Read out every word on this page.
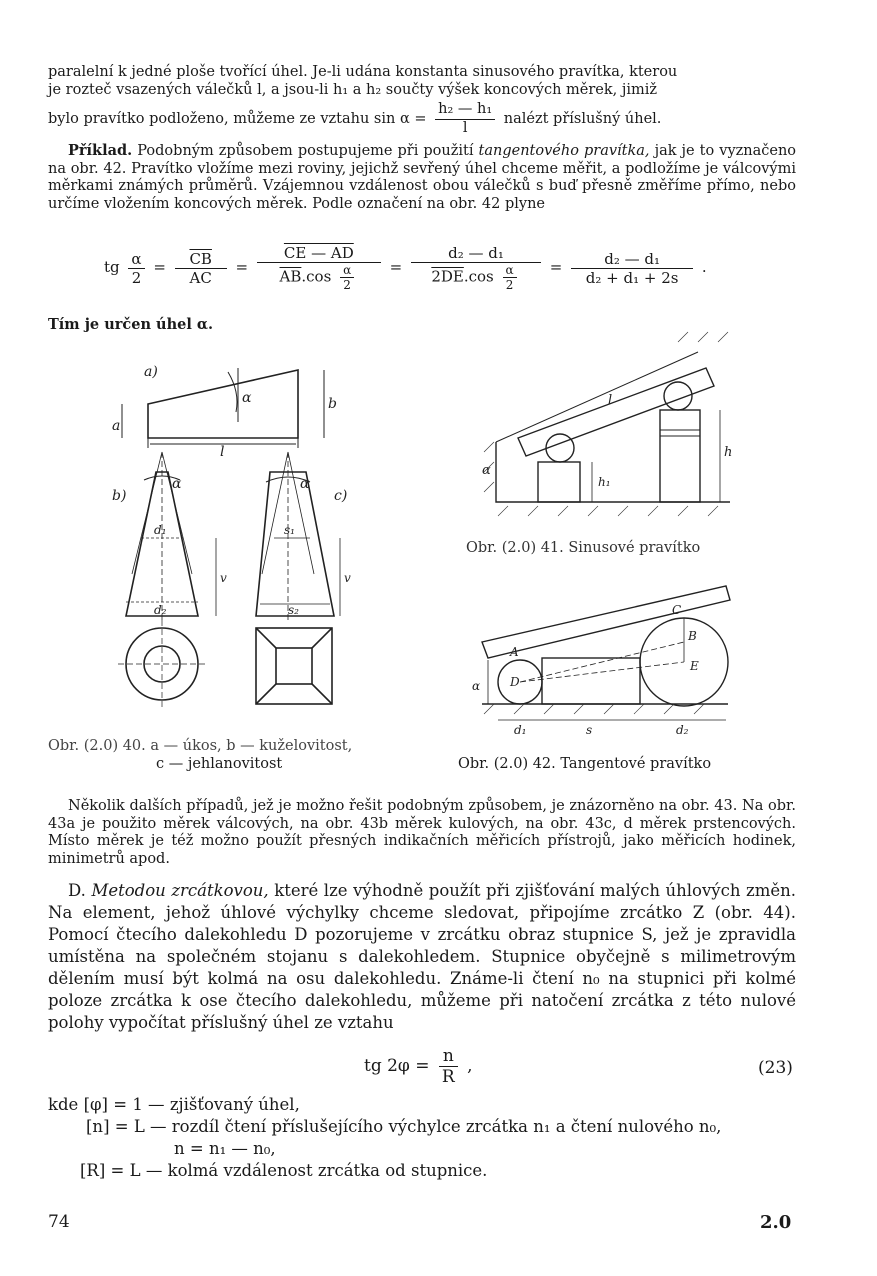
paralelní k jedné ploše tvořící úhel. Je-li udána konstanta sinusového pravítka, kterou
je rozteč vsazených válečků l, a jsou-li h₁ a h₂ součty výšek koncových měrek, jimiž
bylo pravítko podloženo, můžeme ze vztahu $\sin \alpha = \frac{\text{h₂ — h₁}}{l}$ nalézt příslušný úhel.
Příklad. Podobným způsobem postupujeme při použití tangentového pravítka, jak je to vyznačeno na obr. 42. Pravítko vložíme mezi roviny, jejichž sevřený úhel chceme měřit, a podložíme je válcovými měrkami známých průměrů. Vzájemnou vzdálenost obou válečků s buď přesně změříme přímo, nebo určíme vložením koncových měrek. Podle označení na obr. 42 plyne
tg $\frac{\alpha}{2} = \frac{\overline{CB}}{AC} = \frac{CE — AD}{\overline{AB}.\cos \frac{\alpha}{2}} = \frac{\text{d₂ — d₁}}{2DE.\cos \frac{\alpha}{2}} = \frac{\text{d₂ — d₁}}{\text{d₂ + d₁ + 2s}}$ .
Tím je určen úhel α.
a)
a
b
α
l
b)
α
d₁
d₂
v
c)
α
s₁
s₂
v
Obr. (2.0) 40. a — úkos, b — kuželovitost,
c — jehlanovitost
l
h₁
h
α
Obr. (2.0) 41. Sinusové pravítko
A
C
B
D
E
α
d₁	s	d₂
Obr. (2.0) 42. Tangentové pravítko
Několik dalších případů, jež je možno řešit podobným způsobem, je znázorněno na obr. 43. Na obr. 43a je použito měrek válcových, na obr. 43b měrek kulových, na obr. 43c, d měrek prstencových. Místo měrek je též možno použít přesných indikačních měřicích přístrojů, jako měřicích hodinek, minimetrů apod.
D. Metodou zrcátkovou, které lze výhodně použít při zjišťování malých úhlových změn. Na element, jehož úhlové výchylky chceme sledovat, připojíme zrcátko Z (obr. 44). Pomocí čtecího dalekohledu D pozorujeme v zrcátku obraz stupnice S, jež je zpravidla umístěna na společném stojanu s dalekohledem. Stupnice obyčejně s milimetrovým dělením musí být kolmá na osu dalekohledu. Známe-li čtení n₀ na stupnici při kolmé poloze zrcátka k ose čtecího dalekohledu, můžeme při natočení zrcátka z této nulové polohy vypočítat příslušný úhel ze vztahu
tg $2\varphi = \frac{n}{R}$ ,	(23)
kde [φ] = 1 — zjišťovaný úhel,
[n] = L — rozdíl čtení příslušejícího výchylce zrcátka n₁ a čtení nulového n₀,
n = n₁ — n₀,
[R] = L — kolmá vzdálenost zrcátka od stupnice.
74	2.0
